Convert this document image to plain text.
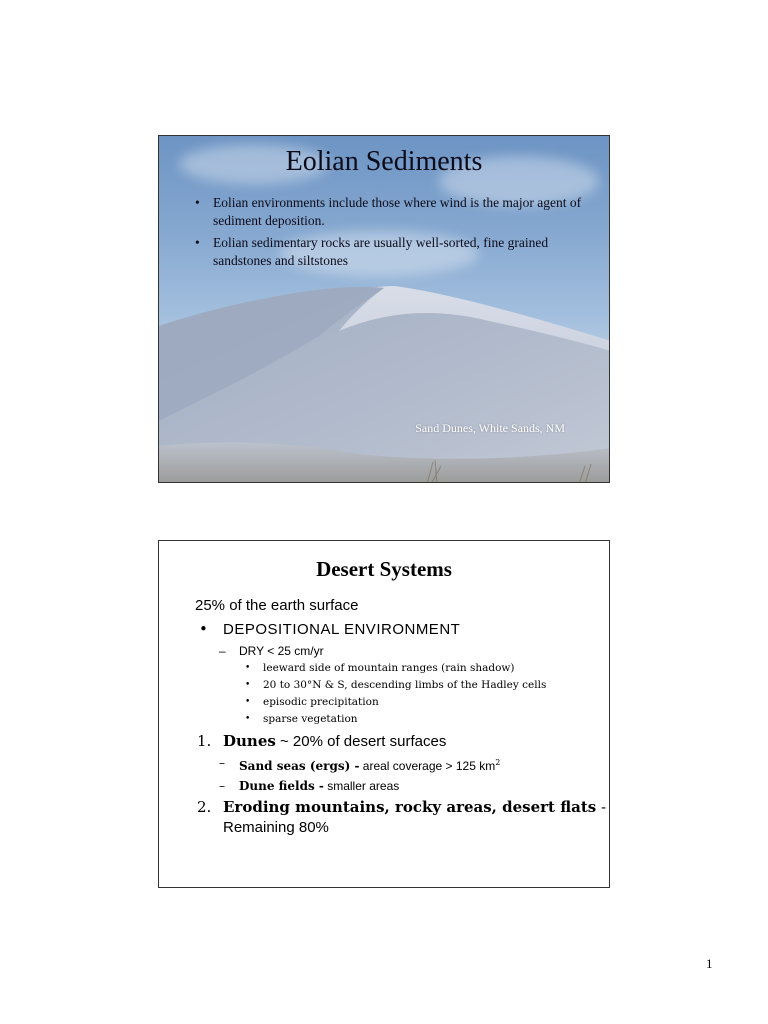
Eolian Sediments
• Eolian environments include those where wind is the major agent of sediment deposition.
• Eolian sedimentary rocks are usually well-sorted, fine grained sandstones and siltstones
Sand Dunes, White Sands, NM
Desert Systems
25% of the earth surface
• DEPOSITIONAL ENVIRONMENT
– DRY < 25 cm/yr
• leeward side of mountain ranges (rain shadow)
• 20 to 30°N & S, descending limbs of the Hadley cells
• episodic precipitation
• sparse vegetation
1. Dunes ~ 20% of desert surfaces
– Sand seas (ergs) - areal coverage > 125 $km^2$
– Dune fields - smaller areas
2. Eroding mountains, rocky areas, desert flats -
Remaining 80%
1
